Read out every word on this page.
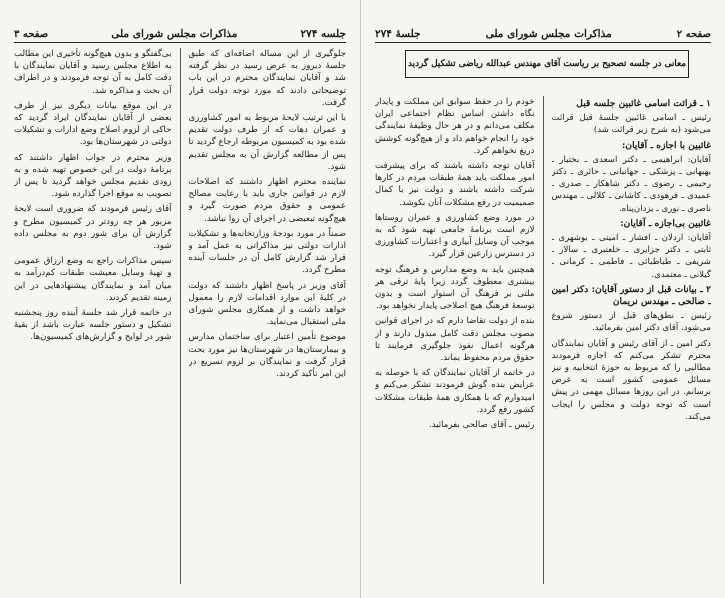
جلسه ۲۷۴
مذاکرات مجلس شورای ملی
صفحه ۳

جلوگیری از این مساله اضافه‌ای که طبق جلسهٔ دیروز به عرض رسید در نظر گرفته شد و آقایان نمایندگان محترم در این باب توضیحاتی دادند که مورد توجه دولت قرار گرفت.

با این ترتیب لایحهٔ مربوط به امور کشاورزی و عمران دهات که از طرف دولت تقدیم شده بود به کمیسیون مربوطه ارجاع گردید تا پس از مطالعه گزارش آن به مجلس تقدیم شود.

نماینده محترم اظهار داشتند که اصلاحات لازم در قوانین جاری باید با رعایت مصالح عمومی و حقوق مردم صورت گیرد و هیچ‌گونه تبعیضی در اجرای آن روا نباشد.

ضمناً در مورد بودجهٔ وزارتخانه‌ها و تشکیلات ادارات دولتی نیز مذاکراتی به عمل آمد و قرار شد گزارش کامل آن در جلسات آینده مطرح گردد.

آقای وزیر در پاسخ اظهار داشتند که دولت در کلیهٔ این موارد اقدامات لازم را معمول خواهد داشت و از همکاری مجلس شورای ملی استقبال می‌نماید.

موضوع تأمین اعتبار برای ساختمان مدارس و بیمارستان‌ها در شهرستان‌ها نیز مورد بحث قرار گرفت و نمایندگان بر لزوم تسریع در این امر تأکید کردند.

بی‌گفتگو و بدون هیچ‌گونه تأخیری این مطالب به اطلاع مجلس رسید و آقایان نمایندگان با دقت کامل به آن توجه فرمودند و در اطراف آن بحث و مذاکره شد.

در این موقع بیانات دیگری نیز از طرف بعضی از آقایان نمایندگان ایراد گردید که حاکی از لزوم اصلاح وضع ادارات و تشکیلات دولتی در شهرستان‌ها بود.

وزیر محترم در جواب اظهار داشتند که برنامهٔ دولت در این خصوص تهیه شده و به زودی تقدیم مجلس خواهد گردید تا پس از تصویب به موقع اجرا گذارده شود.

آقای رئیس فرمودند که ضروری است لایحهٔ مزبور هر چه زودتر در کمیسیون مطرح و گزارش آن برای شور دوم به مجلس داده شود.

سپس مذاکرات راجع به وضع ارزاق عمومی و تهیهٔ وسایل معیشت طبقات کم‌درآمد به میان آمد و نمایندگان پیشنهادهایی در این زمینه تقدیم کردند.

در خاتمه قرار شد جلسهٔ آینده روز پنجشنبه تشکیل و دستور جلسه عبارت باشد از بقیهٔ شور در لوایح و گزارش‌های کمیسیون‌ها.

صفحه ۲
مذاکرات مجلس شورای ملی
جلسهٔ ۲۷۴
معانی در جلسه تصحیح بر ریاست آقای مهندس عبدالله ریاضی تشکیل گردید
۱ ـ قرائت اسامی غائبین جلسه قبل

رئیس ـ اسامی غائبین جلسهٔ قبل قرائت می‌شود (به شرح زیر قرائت شد)

غائبین با اجازه ـ آقایان:

آقایان: ابراهیمی ـ دکتر اسعدی ـ بختیار ـ بهبهانی ـ پزشکی ـ جهانبانی ـ حائری ـ دکتر رحیمی ـ رضوی ـ دکتر شاهکار ـ صدری ـ عمیدی ـ فرهودی ـ کاشانی ـ کلالی ـ مهندس ناصری ـ نوری ـ یزدان‌پناه.

غائبین بی‌اجازه ـ آقایان:

آقایان: اردلان ـ افشار ـ امینی ـ بوشهری ـ ثابتی ـ دکتر جزایری ـ خلعتبری ـ سالار ـ شریفی ـ طباطبائی ـ فاطمی ـ کرمانی ـ گیلانی ـ معتمدی.

۲ ـ بیانات قبل از دستور آقایان: دکتر امین ـ صالحی ـ مهندس نریمان

رئیس ـ نطق‌های قبل از دستور شروع می‌شود. آقای دکتر امین بفرمائید.

دکتر امین ـ از آقای رئیس و آقایان نمایندگان محترم تشکر می‌کنم که اجازه فرمودند مطالبی را که مربوط به حوزهٔ انتخابیه و نیز مسائل عمومی کشور است به عرض برسانم. در این روزها مسائل مهمی در پیش است که توجه دولت و مجلس را ایجاب می‌کند.

خودم را در حفظ سوابق این مملکت و پایدار نگاه داشتن اساس نظام اجتماعی ایران مکلف می‌دانم و در هر حال وظیفهٔ نمایندگی خود را انجام خواهم داد و از هیچ‌گونه کوشش دریغ نخواهم کرد.

آقایان توجه داشته باشند که برای پیشرفت امور مملکت باید همهٔ طبقات مردم در کارها شرکت داشته باشند و دولت نیز با کمال صمیمیت در رفع مشکلات آنان بکوشد.

در مورد وضع کشاورزی و عمران روستاها لازم است برنامهٔ جامعی تهیه شود که به موجب آن وسایل آبیاری و اعتبارات کشاورزی در دسترس زارعین قرار گیرد.

همچنین باید به وضع مدارس و فرهنگ توجه بیشتری معطوف گردد زیرا پایهٔ ترقی هر ملتی بر فرهنگ آن استوار است و بدون توسعهٔ فرهنگ هیچ اصلاحی پایدار نخواهد بود.

بنده از دولت تقاضا دارم که در اجرای قوانین مصوب مجلس دقت کامل مبذول دارند و از هرگونه اعمال نفوذ جلوگیری فرمایند تا حقوق مردم محفوظ بماند.

در خاتمه از آقایان نمایندگان که با حوصله به عرایض بنده گوش فرمودند تشکر می‌کنم و امیدوارم که با همکاری همهٔ طبقات مشکلات کشور رفع گردد.

رئیس ـ آقای صالحی بفرمائید.
